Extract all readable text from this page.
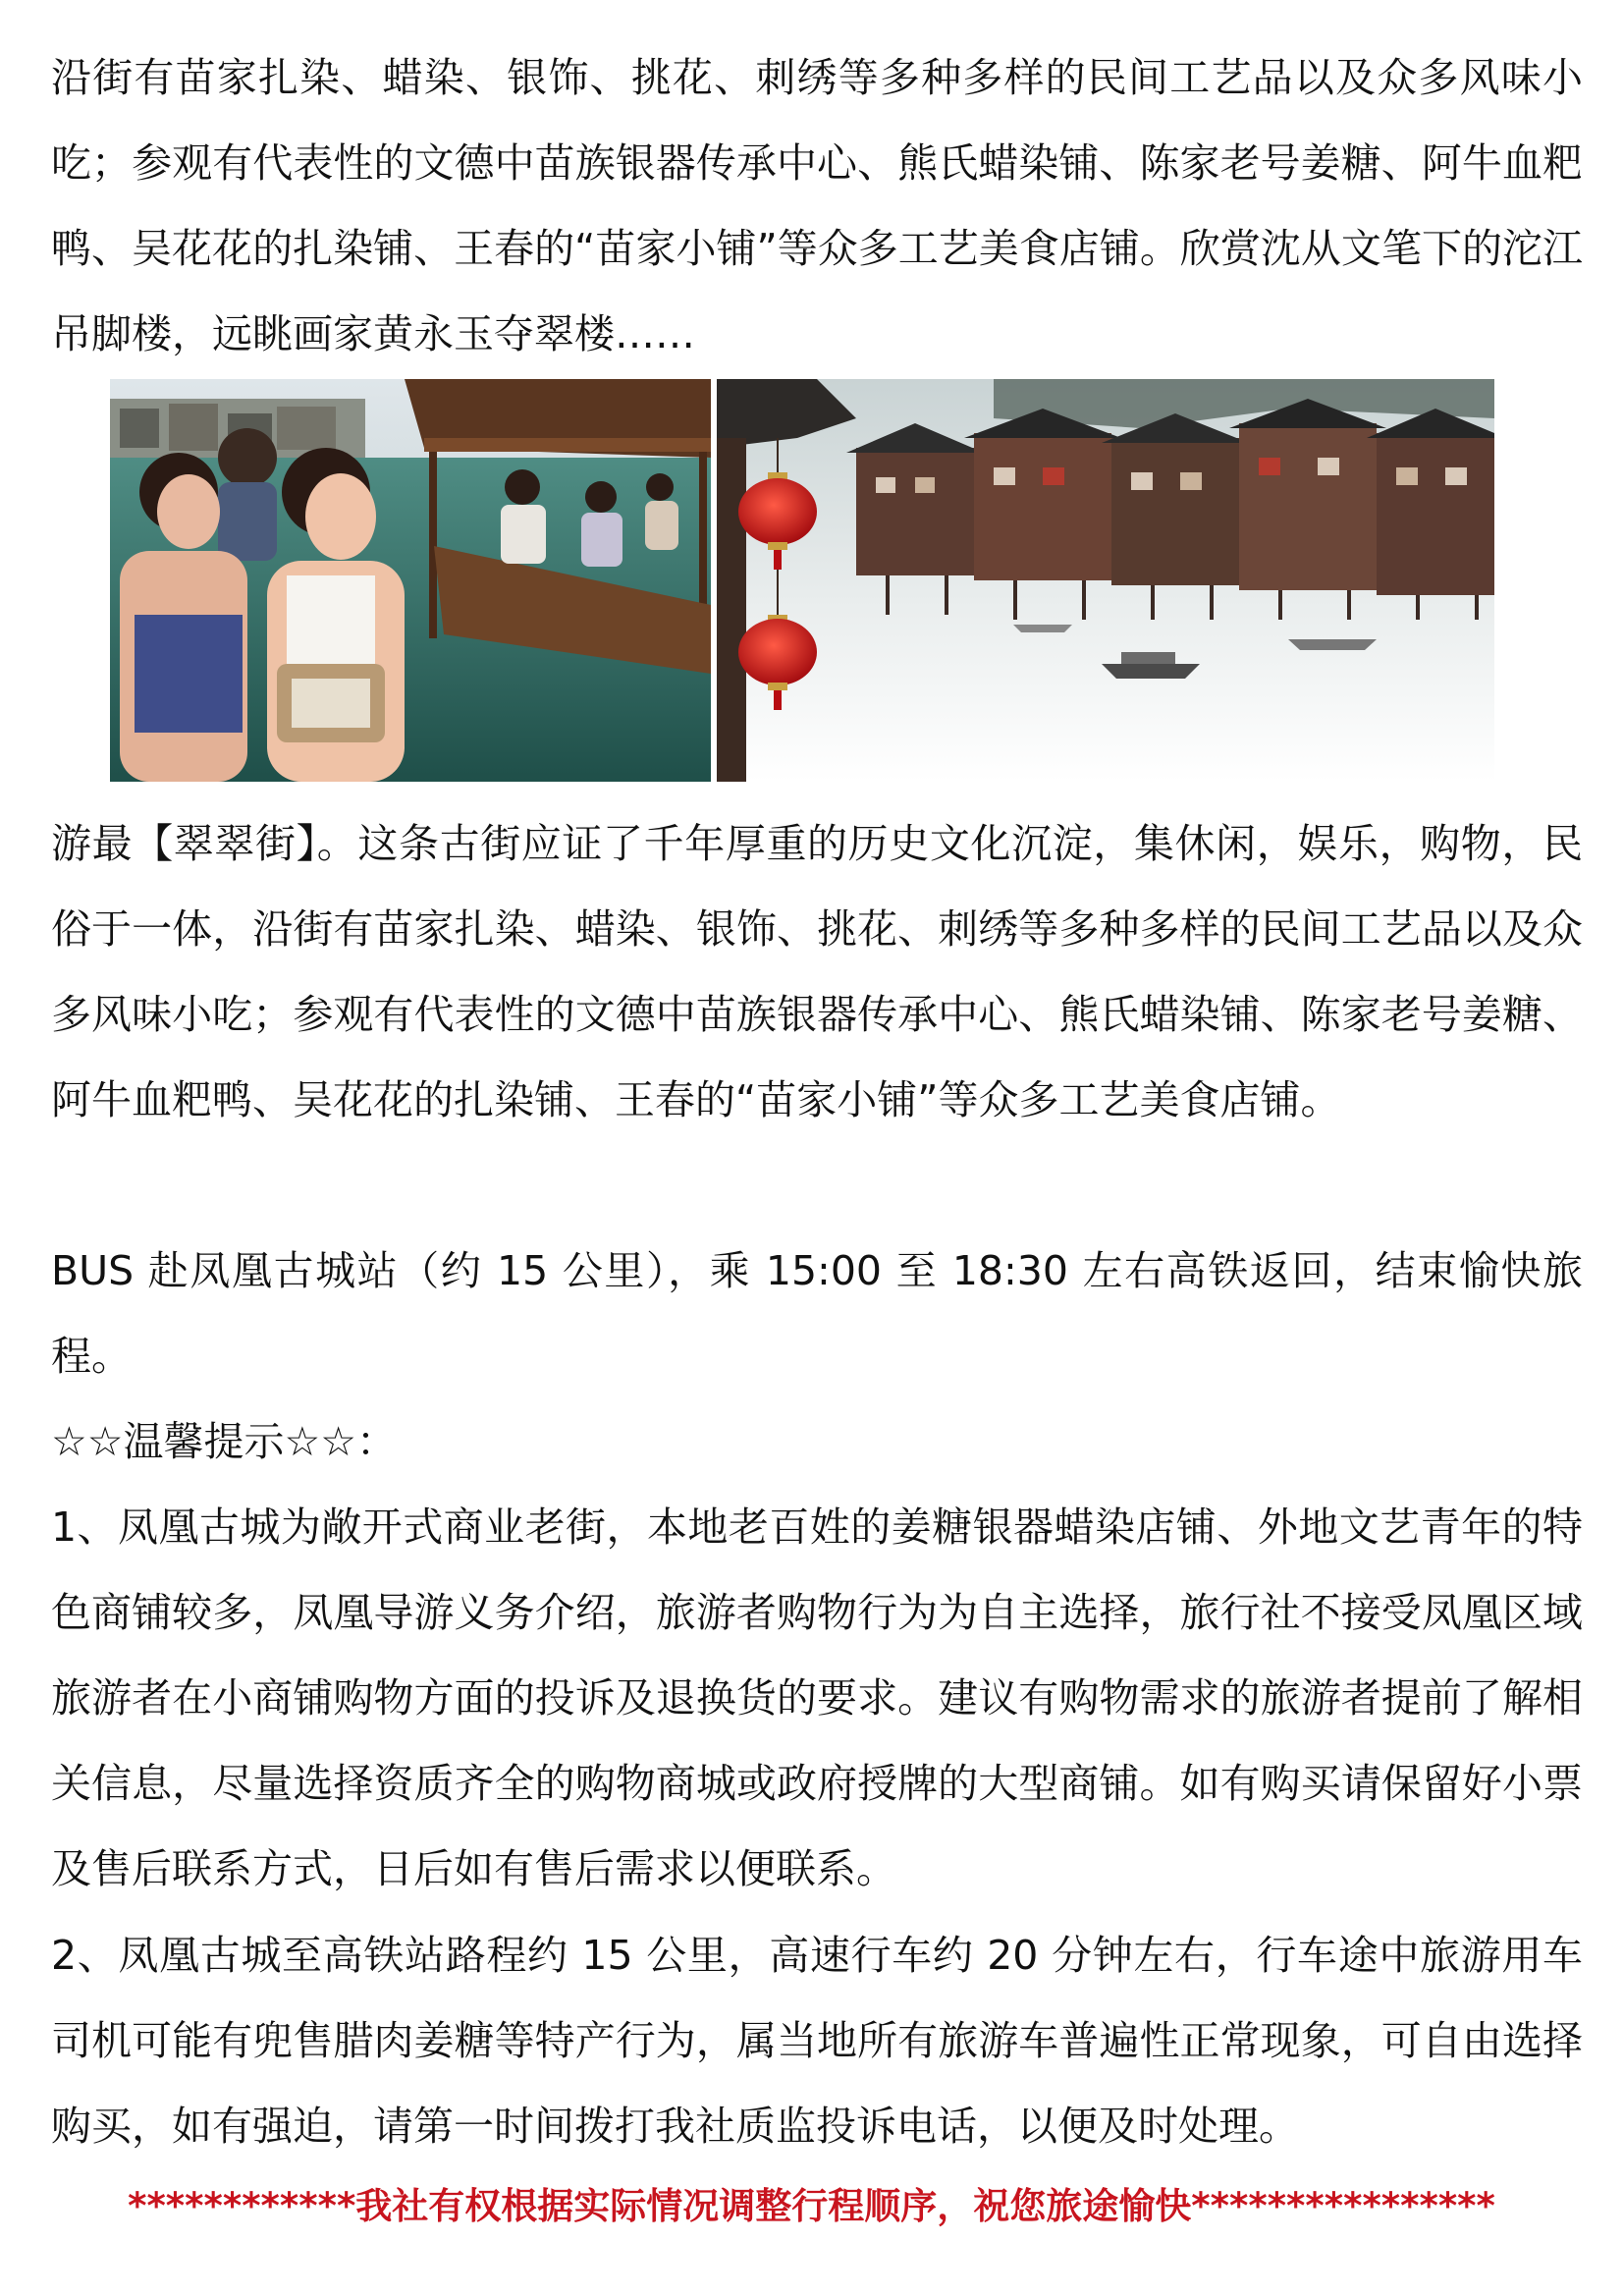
沿街有苗家扎染、蜡染、银饰、挑花、刺绣等多种多样的民间工艺品以及众多风味小吃；参观有代表性的文德中苗族银器传承中心、熊氏蜡染铺、陈家老号姜糖、阿牛血粑鸭、吴花花的扎染铺、王春的“苗家小铺”等众多工艺美食店铺。欣赏沈从文笔下的沱江吊脚楼，远眺画家黄永玉夺翠楼……

游最【翠翠街】。这条古街应证了千年厚重的历史文化沉淀，集休闲，娱乐，购物，民俗于一体，沿街有苗家扎染、蜡染、银饰、挑花、刺绣等多种多样的民间工艺品以及众多风味小吃；参观有代表性的文德中苗族银器传承中心、熊氏蜡染铺、陈家老号姜糖、阿牛血粑鸭、吴花花的扎染铺、王春的“苗家小铺”等众多工艺美食店铺。

BUS 赴凤凰古城站（约 15 公里），乘 15:00 至 18:30 左右高铁返回，结束愉快旅程。

☆☆温馨提示☆☆：

1、凤凰古城为敞开式商业老街，本地老百姓的姜糖银器蜡染店铺、外地文艺青年的特色商铺较多，凤凰导游义务介绍，旅游者购物行为为自主选择，旅行社不接受凤凰区域旅游者在小商铺购物方面的投诉及退换货的要求。建议有购物需求的旅游者提前了解相关信息，尽量选择资质齐全的购物商城或政府授牌的大型商铺。如有购买请保留好小票及售后联系方式，日后如有售后需求以便联系。

2、凤凰古城至高铁站路程约 15 公里，高速行车约 20 分钟左右，行车途中旅游用车司机可能有兜售腊肉姜糖等特产行为，属当地所有旅游车普遍性正常现象，可自由选择购买，如有强迫，请第一时间拨打我社质监投诉电话，以便及时处理。

************我社有权根据实际情况调整行程顺序，祝您旅途愉快****************
